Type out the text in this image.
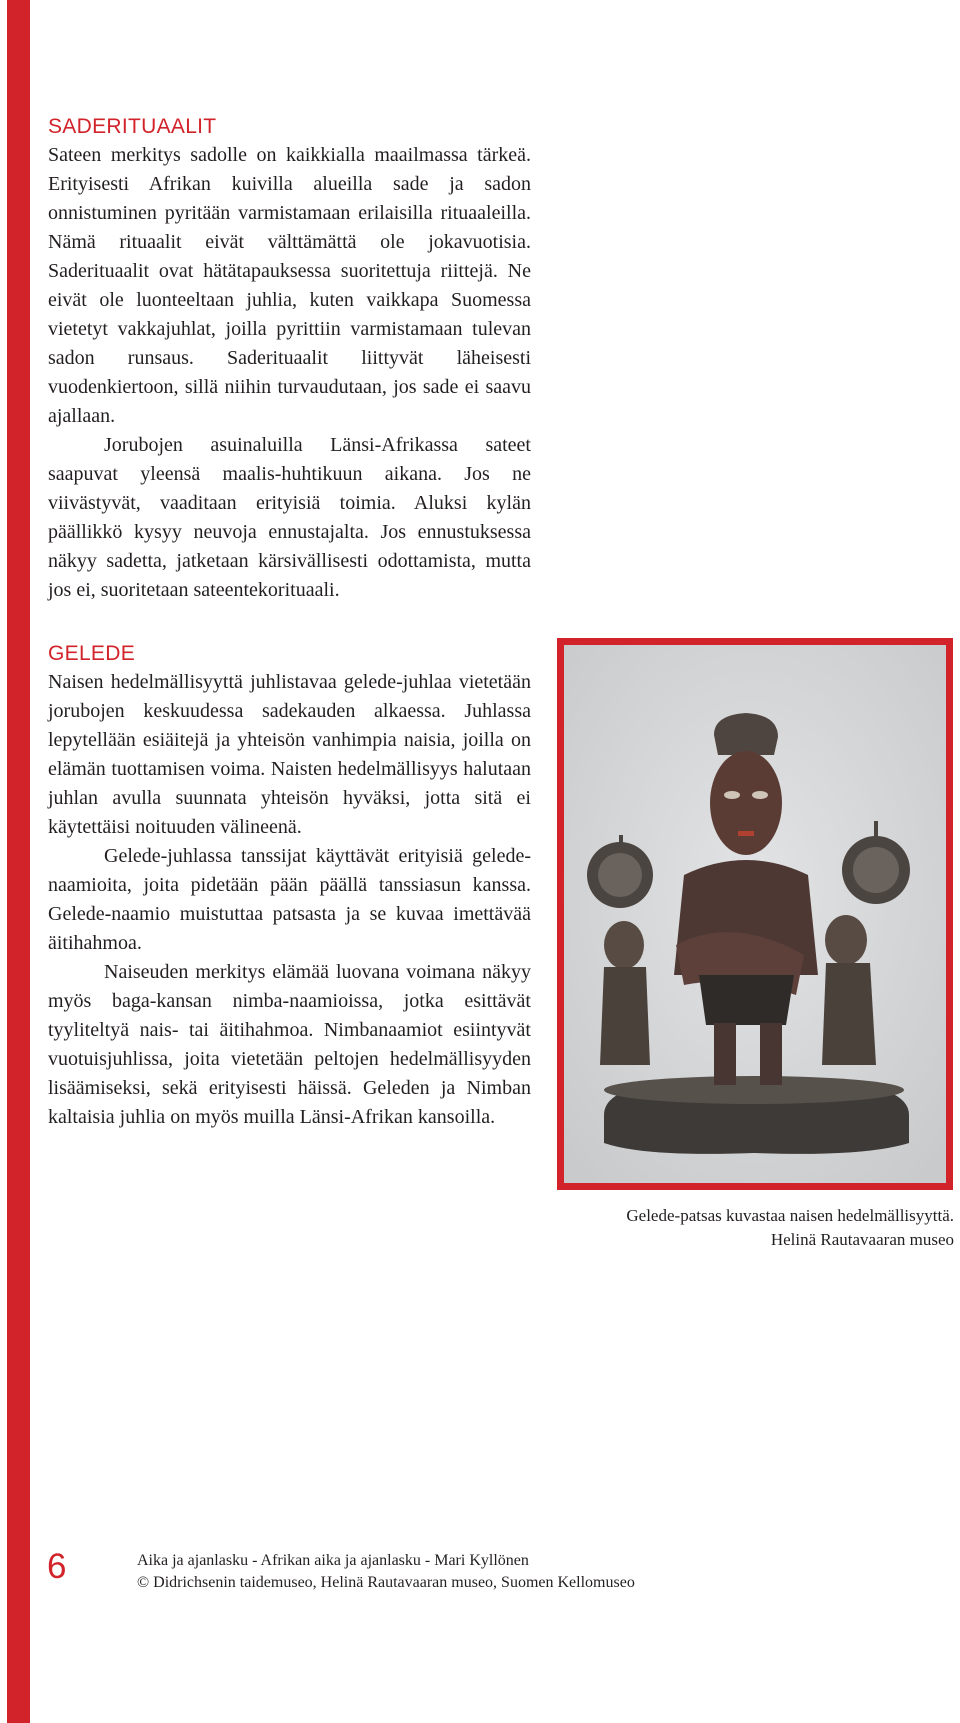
SADERITUAALIT

Sateen merkitys sadolle on kaikkialla maailmassa tärkeä. Erityisesti Afrikan kuivilla alueilla sade ja sadon onnistuminen pyritään varmistamaan erilaisilla rituaaleilla. Nämä rituaalit eivät välttämättä ole jokavuotisia. Saderituaalit ovat hätätapauksessa suoritettuja riittejä. Ne eivät ole luonteeltaan juhlia, kuten vaikkapa Suomessa vietetyt vakkajuhlat, joilla pyrittiin varmistamaan tulevan sadon runsaus. Saderituaalit liittyvät läheisesti vuodenkiertoon, sillä niihin turvaudutaan, jos sade ei saavu ajallaan.

Jorubojen asuinaluilla Länsi-Afrikassa sateet saapuvat yleensä maalis-huhtikuun aikana. Jos ne viivästyvät, vaaditaan erityisiä toimia. Aluksi kylän päällikkö kysyy neuvoja ennustajalta. Jos ennustuksessa näkyy sadetta, jatketaan kärsivällisesti odottamista, mutta jos ei, suoritetaan sateentekorituaali.

GELEDE

Naisen hedelmällisyyttä juhlistavaa gelede-juhlaa vietetään jorubojen keskuudessa sadekauden alkaessa. Juhlassa lepytellään esiäitejä ja yhteisön vanhimpia naisia, joilla on elämän tuottamisen voima. Naisten hedelmällisyys halutaan juhlan avulla suunnata yhteisön hyväksi, jotta sitä ei käytettäisi noituuden välineenä.

Gelede-juhlassa tanssijat käyttävät erityisiä gelede-naamioita, joita pidetään pään päällä tanssiasun kanssa. Gelede-naamio muistuttaa patsasta ja se kuvaa imettävää äitihahmoa.

Naiseuden merkitys elämää luovana voimana näkyy myös baga-kansan nimba-naamioissa, jotka esittävät tyyliteltyä nais- tai äitihahmoa. Nimbanaamiot esiintyvät vuotuisjuhlissa, joita vietetään peltojen hedelmällisyyden lisäämiseksi, sekä erityisesti häissä. Geleden ja Nimban kaltaisia juhlia on myös muilla Länsi-Afrikan kansoilla.

Gelede-patsas kuvastaa naisen hedelmällisyyttä.
Helinä Rautavaaran museo
6	Aika ja ajanlasku - Afrikan aika ja ajanlasku - Mari Kyllönen
© Didrichsenin taidemuseo, Helinä Rautavaaran museo, Suomen Kellomuseo
